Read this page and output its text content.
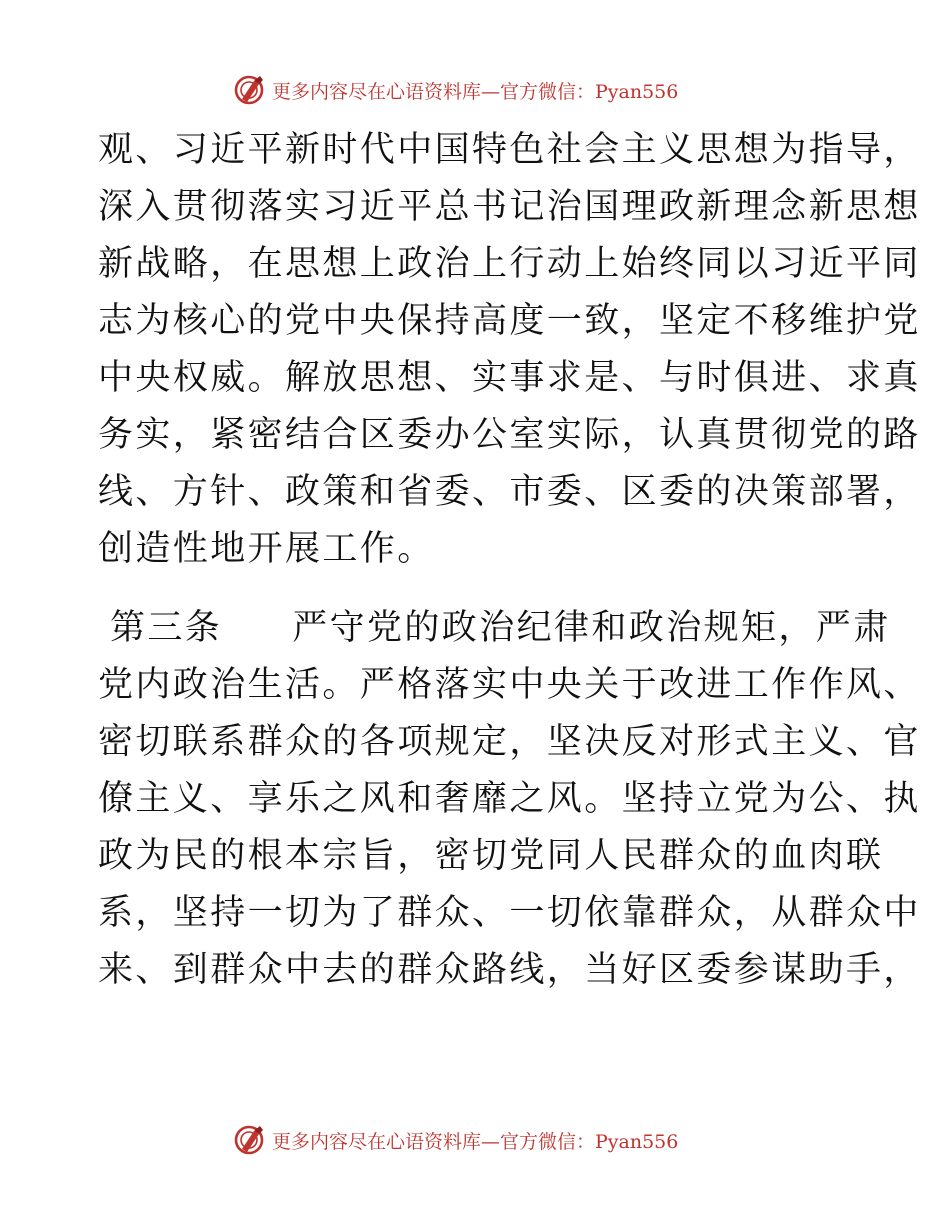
更多内容尽在心语资料库—官方微信：Pyan556
观、习近平新时代中国特色社会主义思想为指导，
深入贯彻落实习近平总书记治国理政新理念新思想
新战略，在思想上政治上行动上始终同以习近平同
志为核心的党中央保持高度一致，坚定不移维护党
中央权威。解放思想、实事求是、与时俱进、求真
务实，紧密结合区委办公室实际，认真贯彻党的路
线、方针、政策和省委、市委、区委的决策部署，
创造性地开展工作。
第三条 严守党的政治纪律和政治规矩，严肃
党内政治生活。严格落实中央关于改进工作作风、
密切联系群众的各项规定，坚决反对形式主义、官
僚主义、享乐之风和奢靡之风。坚持立党为公、执
政为民的根本宗旨，密切党同人民群众的血肉联
系，坚持一切为了群众、一切依靠群众，从群众中
来、到群众中去的群众路线，当好区委参谋助手，
更多内容尽在心语资料库—官方微信：Pyan556
